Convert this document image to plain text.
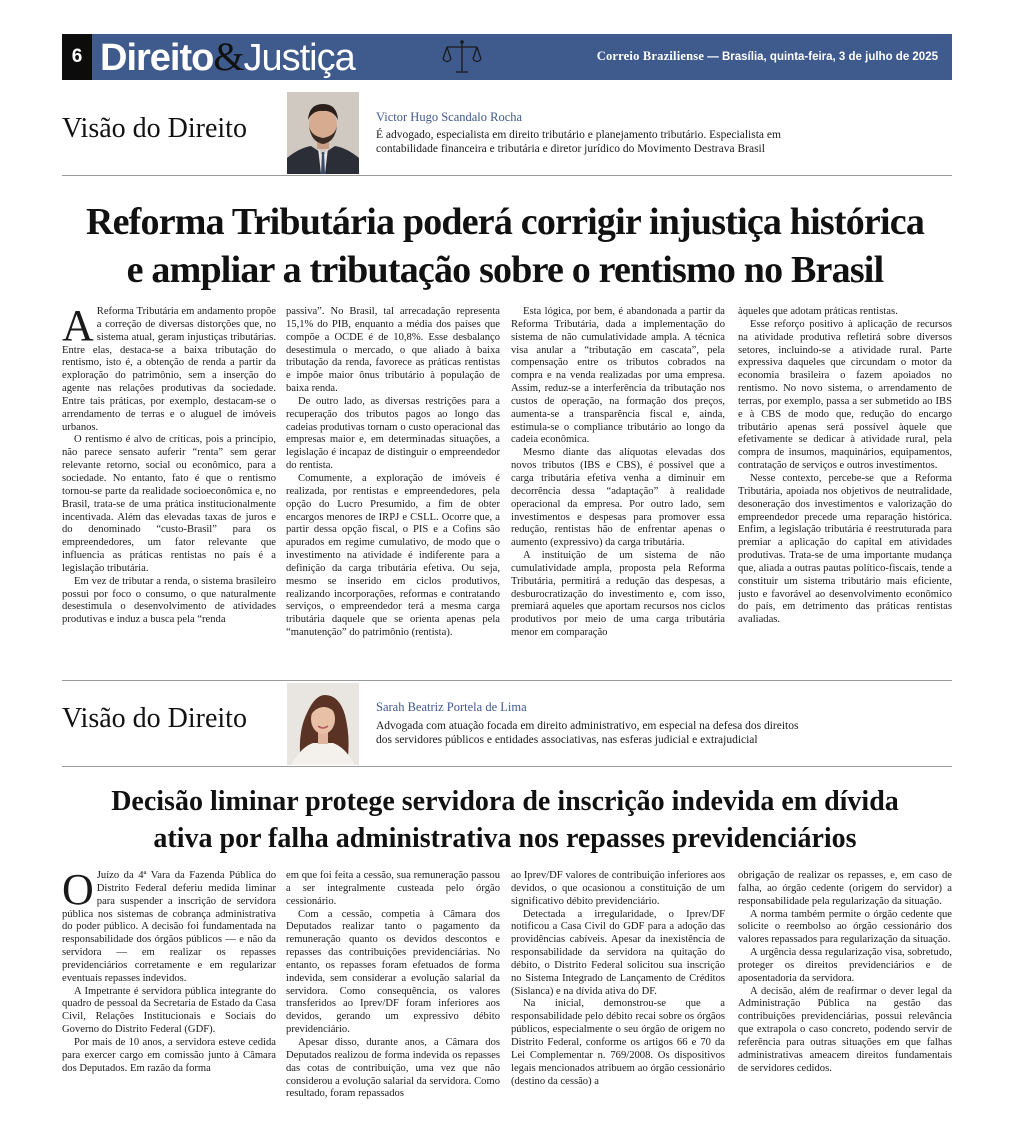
6 Direito&Justiça	Correio Braziliense — Brasília, quinta-feira, 3 de julho de 2025
Visão do Direito	Victor Hugo Scandalo Rocha
É advogado, especialista em direito tributário e planejamento tributário. Especialista em contabilidade financeira e tributária e diretor jurídico do Movimento Destrava Brasil
Reforma Tributária poderá corrigir injustiça histórica
e ampliar a tributação sobre o rentismo no Brasil

A Reforma Tributária em andamento propõe a correção de diversas distorções que, no sistema atual, geram injustiças tributárias. Entre elas, destaca-se a baixa tributação do rentismo, isto é, a obtenção de renda a partir da exploração do patrimônio, sem a inserção do agente nas relações produtivas da sociedade. Entre tais práticas, por exemplo, destacam-se o arrendamento de terras e o aluguel de imóveis urbanos.

O rentismo é alvo de críticas, pois a princípio, não parece sensato auferir “renta” sem gerar relevante retorno, social ou econômico, para a sociedade. No entanto, fato é que o rentismo tornou-se parte da realidade socioeconômica e, no Brasil, trata-se de uma prática institucionalmente incentivada. Além das elevadas taxas de juros e do denominado “custo-Brasil” para os empreendedores, um fator relevante que influencia as práticas rentistas no país é a legislação tributária.

Em vez de tributar a renda, o sistema brasileiro possui por foco o consumo, o que naturalmente desestimula o desenvolvimento de atividades produtivas e induz a busca pela “renda

passiva”. No Brasil, tal arrecadação representa 15,1% do PIB, enquanto a média dos países que compõe a OCDE é de 10,8%. Esse desbalanço desestimula o mercado, o que aliado à baixa tributação da renda, favorece as práticas rentistas e impõe maior ônus tributário à população de baixa renda.

De outro lado, as diversas restrições para a recuperação dos tributos pagos ao longo das cadeias produtivas tornam o custo operacional das empresas maior e, em determinadas situações, a legislação é incapaz de distinguir o empreendedor do rentista.

Comumente, a exploração de imóveis é realizada, por rentistas e empreendedores, pela opção do Lucro Presumido, a fim de obter encargos menores de IRPJ e CSLL. Ocorre que, a partir dessa opção fiscal, o PIS e a Cofins são apurados em regime cumulativo, de modo que o investimento na atividade é indiferente para a definição da carga tributária efetiva. Ou seja, mesmo se inserido em ciclos produtivos, realizando incorporações, reformas e contratando serviços, o empreendedor terá a mesma carga tributária daquele que se orienta apenas pela “manutenção” do patrimônio (rentista).

Esta lógica, por bem, é abandonada a partir da Reforma Tributária, dada a implementação do sistema de não cumulatividade ampla. A técnica visa anular a “tributação em cascata”, pela compensação entre os tributos cobrados na compra e na venda realizadas por uma empresa. Assim, reduz-se a interferência da tributação nos custos de operação, na formação dos preços, aumenta-se a transparência fiscal e, ainda, estimula-se o compliance tributário ao longo da cadeia econômica.

Mesmo diante das alíquotas elevadas dos novos tributos (IBS e CBS), é possível que a carga tributária efetiva venha a diminuir em decorrência dessa “adaptação” à realidade operacional da empresa. Por outro lado, sem investimentos e despesas para promover essa redução, rentistas hão de enfrentar apenas o aumento (expressivo) da carga tributária.

A instituição de um sistema de não cumulatividade ampla, proposta pela Reforma Tributária, permitirá a redução das despesas, a desburocratização do investimento e, com isso, premiará aqueles que aportam recursos nos ciclos produtivos por meio de uma carga tributária menor em comparação

àqueles que adotam práticas rentistas.

Esse reforço positivo à aplicação de recursos na atividade produtiva refletirá sobre diversos setores, incluindo-se a atividade rural. Parte expressiva daqueles que circundam o motor da economia brasileira o fazem apoiados no rentismo. No novo sistema, o arrendamento de terras, por exemplo, passa a ser submetido ao IBS e à CBS de modo que, redução do encargo tributário apenas será possível àquele que efetivamente se dedicar à atividade rural, pela compra de insumos, maquinários, equipamentos, contratação de serviços e outros investimentos.

Nesse contexto, percebe-se que a Reforma Tributária, apoiada nos objetivos de neutralidade, desoneração dos investimentos e valorização do empreendedor precede uma reparação histórica. Enfim, a legislação tributária é reestruturada para premiar a aplicação do capital em atividades produtivas. Trata-se de uma importante mudança que, aliada a outras pautas político-fiscais, tende a constituir um sistema tributário mais eficiente, justo e favorável ao desenvolvimento econômico do país, em detrimento das práticas rentistas avaliadas.

Visão do Direito	Sarah Beatriz Portela de Lima
Advogada com atuação focada em direito administrativo, em especial na defesa dos direitos dos servidores públicos e entidades associativas, nas esferas judicial e extrajudicial
Decisão liminar protege servidora de inscrição indevida em dívida
ativa por falha administrativa nos repasses previdenciários

O Juízo da 4ª Vara da Fazenda Pública do Distrito Federal deferiu medida liminar para suspender a inscrição de servidora pública nos sistemas de cobrança administrativa do poder público. A decisão foi fundamentada na responsabilidade dos órgãos públicos — e não da servidora — em realizar os repasses previdenciários corretamente e em regularizar eventuais repasses indevidos.

A Impetrante é servidora pública integrante do quadro de pessoal da Secretaria de Estado da Casa Civil, Relações Institucionais e Sociais do Governo do Distrito Federal (GDF).

Por mais de 10 anos, a servidora esteve cedida para exercer cargo em comissão junto à Câmara dos Deputados. Em razão da forma

em que foi feita a cessão, sua remuneração passou a ser integralmente custeada pelo órgão cessionário.

Com a cessão, competia à Câmara dos Deputados realizar tanto o pagamento da remuneração quanto os devidos descontos e repasses das contribuições previdenciárias. No entanto, os repasses foram efetuados de forma indevida, sem considerar a evolução salarial da servidora. Como consequência, os valores transferidos ao Iprev/DF foram inferiores aos devidos, gerando um expressivo débito previdenciário.

Apesar disso, durante anos, a Câmara dos Deputados realizou de forma indevida os repasses das cotas de contribuição, uma vez que não considerou a evolução salarial da servidora. Como resultado, foram repassados

ao Iprev/DF valores de contribuição inferiores aos devidos, o que ocasionou a constituição de um significativo débito previdenciário.

Detectada a irregularidade, o Iprev/DF notificou a Casa Civil do GDF para a adoção das providências cabíveis. Apesar da inexistência de responsabilidade da servidora na quitação do débito, o Distrito Federal solicitou sua inscrição no Sistema Integrado de Lançamento de Créditos (Sislanca) e na dívida ativa do DF.

Na inicial, demonstrou-se que a responsabilidade pelo débito recai sobre os órgãos públicos, especialmente o seu órgão de origem no Distrito Federal, conforme os artigos 66 e 70 da Lei Complementar n. 769/2008. Os dispositivos legais mencionados atribuem ao órgão cessionário (destino da cessão) a

obrigação de realizar os repasses, e, em caso de falha, ao órgão cedente (origem do servidor) a responsabilidade pela regularização da situação.

A norma também permite o órgão cedente que solicite o reembolso ao órgão cessionário dos valores repassados para regularização da situação.

A urgência dessa regularização visa, sobretudo, proteger os direitos previdenciários e de aposentadoria da servidora.

A decisão, além de reafirmar o dever legal da Administração Pública na gestão das contribuições previdenciárias, possui relevância que extrapola o caso concreto, podendo servir de referência para outras situações em que falhas administrativas ameacem direitos fundamentais de servidores cedidos.
